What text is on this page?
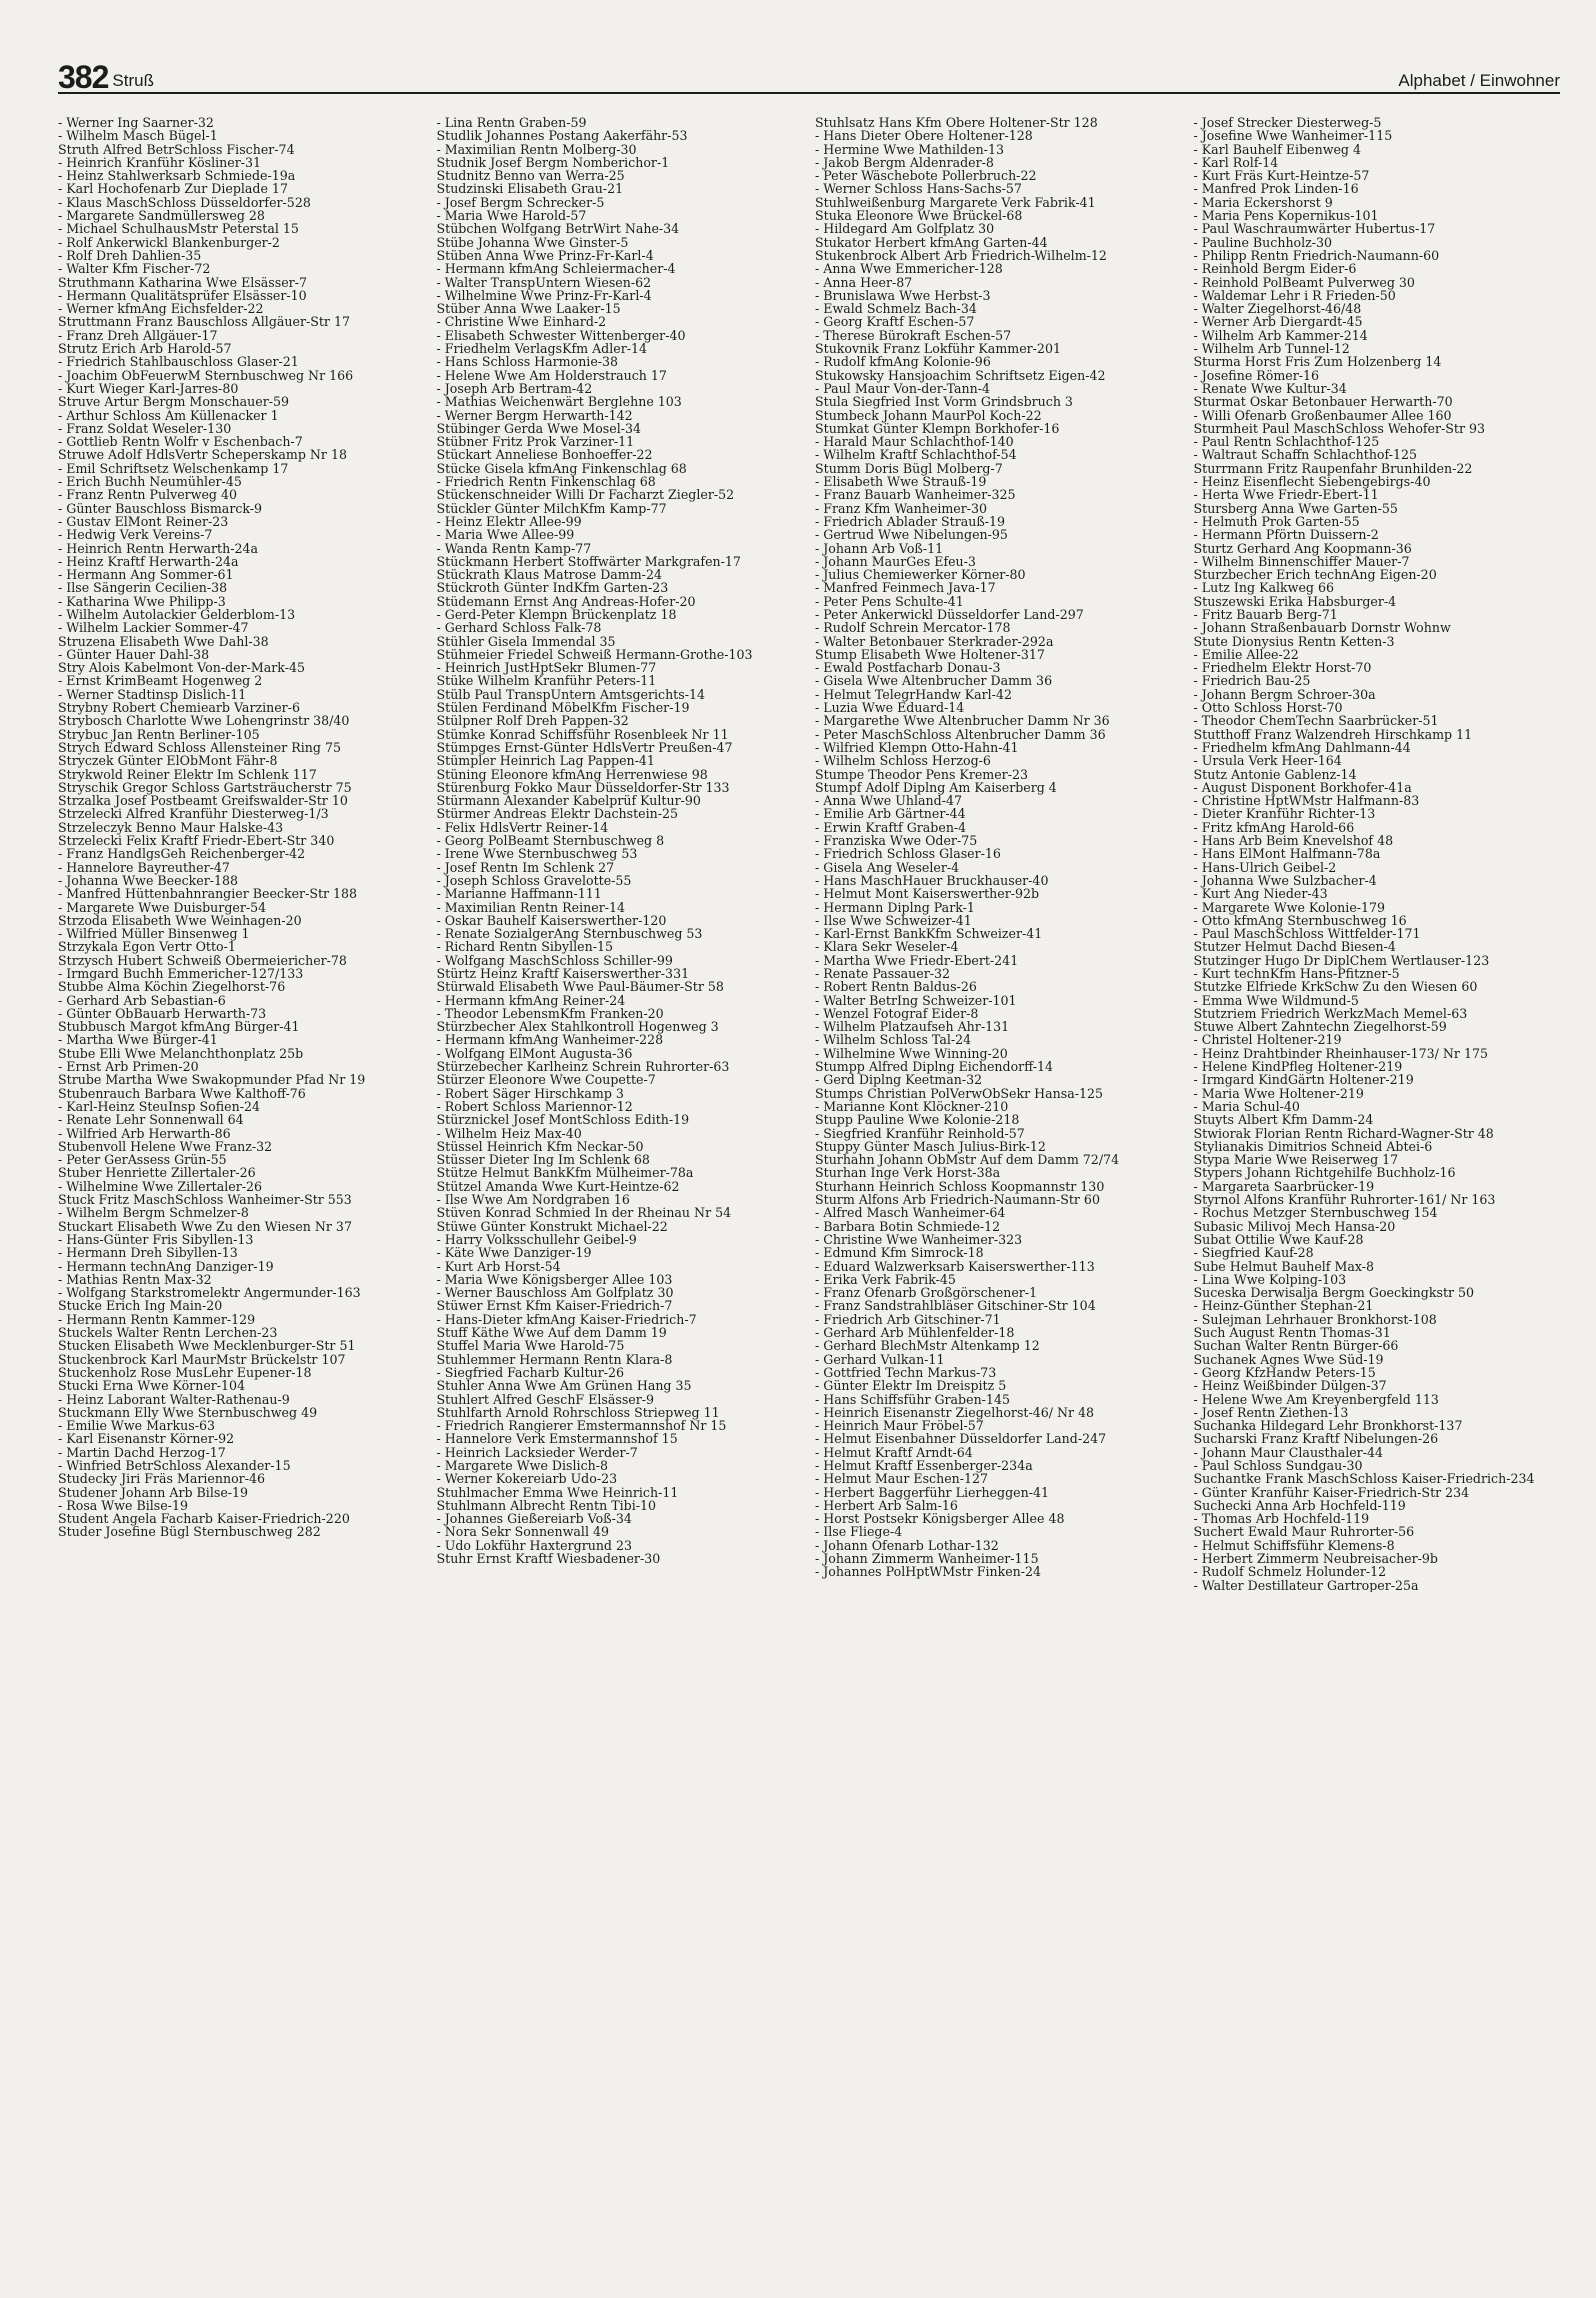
382 Struß	Alphabet / Einwohner
- Werner Ing Saarner-32
- Wilhelm Masch Bügel-1
Struth Alfred BetrSchloss Fischer-74
- Heinrich Kranführ Kösliner-31
- Heinz Stahlwerksarb Schmiede-19a
- Karl Hochofenarb Zur Dieplade 17
- Klaus MaschSchloss Düsseldorfer-528
- Margarete Sandmüllersweg 28
- Michael SchulhausMstr Peterstal 15
- Rolf Ankerwickl Blankenburger-2
- Rolf Dreh Dahlien-35
- Walter Kfm Fischer-72
Struthmann Katharina Wwe Elsässer-7
- Hermann Qualitätsprüfer Elsässer-10
- Werner kfmAng Eichsfelder-22
Struttmann Franz Bauschloss Allgäuer-Str 17
- Franz Dreh Allgäuer-17
Strutz Erich Arb Harold-57
- Friedrich Stahlbauschloss Glaser-21
- Joachim ObFeuerwM Sternbuschweg Nr 166
- Kurt Wieger Karl-Jarres-80
Struve Artur Bergm Monschauer-59
- Arthur Schloss Am Küllenacker 1
- Franz Soldat Weseler-130
- Gottlieb Rentn Wolfr v Eschenbach-7
Struwe Adolf HdlsVertr Scheperskamp Nr 18
- Emil Schriftsetz Welschenkamp 17
- Erich Buchh Neumühler-45
- Franz Rentn Pulverweg 40
- Günter Bauschloss Bismarck-9
- Gustav ElMont Reiner-23
- Hedwig Verk Vereins-7
- Heinrich Rentn Herwarth-24a
- Heinz Kraftf Herwarth-24a
- Hermann Ang Sommer-61
- Ilse Sängerin Cecilien-38
- Katharina Wwe Philipp-3
- Wilhelm Autolackier Gelderblom-13
- Wilhelm Lackier Sommer-47
Struzena Elisabeth Wwe Dahl-38
- Günter Hauer Dahl-38
Stry Alois Kabelmont Von-der-Mark-45
- Ernst KrimBeamt Hogenweg 2
- Werner Stadtinsp Dislich-11
Strybny Robert Chemiearb Varziner-6
Strybosch Charlotte Wwe Lohengrinstr 38/40
Strybuc Jan Rentn Berliner-105
Strych Edward Schloss Allensteiner Ring 75
Stryczek Günter ElObMont Fähr-8
Strykwold Reiner Elektr Im Schlenk 117
Stryschik Gregor Schloss Gartsträucherstr 75
Strzalka Josef Postbeamt Greifswalder-Str 10
Strzelecki Alfred Kranführ Diesterweg-1/3
Strzeleczyk Benno Maur Halske-43
Strzelecki Felix Kraftf Friedr-Ebert-Str 340
- Franz HandlgsGeh Reichenberger-42
- Hannelore Bayreuther-47
- Johanna Wwe Beecker-188
- Manfred Hüttenbahnrangier Beecker-Str 188
- Margarete Wwe Duisburger-54
Strzoda Elisabeth Wwe Weinhagen-20
- Wilfried Müller Binsenweg 1
Strzykala Egon Vertr Otto-1
Strzysch Hubert Schweiß Obermeiericher-78
- Irmgard Buchh Emmericher-127/133
Stubbe Alma Köchin Ziegelhorst-76
- Gerhard Arb Sebastian-6
- Günter ObBauarb Herwarth-73
Stubbusch Margot kfmAng Bürger-41
- Martha Wwe Bürger-41
Stube Elli Wwe Melanchthonplatz 25b
- Ernst Arb Primen-20
Strube Martha Wwe Swakopmunder Pfad Nr 19
Stubenrauch Barbara Wwe Kalthoff-76
- Karl-Heinz SteuInsp Sofien-24
- Renate Lehr Sonnenwall 64
- Wilfried Arb Herwarth-86
Stubenvoll Helene Wwe Franz-32
- Peter GerAssess Grün-55
Stuber Henriette Zillertaler-26
- Wilhelmine Wwe Zillertaler-26
Stuck Fritz MaschSchloss Wanheimer-Str 553
- Wilhelm Bergm Schmelzer-8
Stuckart Elisabeth Wwe Zu den Wiesen Nr 37
- Hans-Günter Fris Sibyllen-13
- Hermann Dreh Sibyllen-13
- Hermann technAng Danziger-19
- Mathias Rentn Max-32
- Wolfgang Starkstromelektr Angermunder-163
Stucke Erich Ing Main-20
- Hermann Rentn Kammer-129
Stuckels Walter Rentn Lerchen-23
Stucken Elisabeth Wwe Mecklenburger-Str 51
Stuckenbrock Karl MaurMstr Brückelstr 107
Stuckenholz Rose MusLehr Eupener-18
Stucki Erna Wwe Körner-104
- Heinz Laborant Walter-Rathenau-9
Stuckmann Elly Wwe Sternbuschweg 49
- Emilie Wwe Markus-63
- Karl Eisenanstr Körner-92
- Martin Dachd Herzog-17
- Winfried BetrSchloss Alexander-15
Studecky Jiri Fräs Mariennor-46
Studener Johann Arb Bilse-19
- Rosa Wwe Bilse-19
Student Angela Facharb Kaiser-Friedrich-220
Studer Josefine Bügl Sternbuschweg 282
- Lina Rentn Graben-59
Studlik Johannes Postang Aakerfähr-53
- Maximilian Rentn Molberg-30
Studnik Josef Bergm Nomberichor-1
Studnitz Benno van Werra-25
Studzinski Elisabeth Grau-21
- Josef Bergm Schrecker-5
- Maria Wwe Harold-57
Stübchen Wolfgang BetrWirt Nahe-34
Stübe Johanna Wwe Ginster-5
Stüben Anna Wwe Prinz-Fr-Karl-4
- Hermann kfmAng Schleiermacher-4
- Walter TranspUntern Wiesen-62
- Wilhelmine Wwe Prinz-Fr-Karl-4
Stüber Anna Wwe Laaker-15
- Christine Wwe Einhard-2
- Elisabeth Schwester Wittenberger-40
- Friedhelm VerlagsKfm Adler-14
- Hans Schloss Harmonie-38
- Helene Wwe Am Holderstrauch 17
- Joseph Arb Bertram-42
- Mathias Weichenwärt Berglehne 103
- Werner Bergm Herwarth-142
Stübinger Gerda Wwe Mosel-34
Stübner Fritz Prok Varziner-11
Stückart Anneliese Bonhoeffer-22
Stücke Gisela kfmAng Finkenschlag 68
- Friedrich Rentn Finkenschlag 68
Stückenschneider Willi Dr Facharzt Ziegler-52
Stückler Günter MilchKfm Kamp-77
- Heinz Elektr Allee-99
- Maria Wwe Allee-99
- Wanda Rentn Kamp-77
Stückmann Herbert Stoffwärter Markgrafen-17
Stückrath Klaus Matrose Damm-24
Stückroth Günter IndKfm Garten-23
Stüdemann Ernst Ang Andreas-Hofer-20
- Gerd-Peter Klempn Brückenplatz 18
- Gerhard Schloss Falk-78
Stühler Gisela Immendal 35
Stühmeier Friedel Schweiß Hermann-Grothe-103
- Heinrich JustHptSekr Blumen-77
Stüke Wilhelm Kranführ Peters-11
Stülb Paul TranspUntern Amtsgerichts-14
Stülen Ferdinand MöbelKfm Fischer-19
Stülpner Rolf Dreh Pappen-32
Stümke Konrad Schiffsführ Rosenbleek Nr 11
Stümpges Ernst-Günter HdlsVertr Preußen-47
Stümpler Heinrich Lag Pappen-41
Stüning Eleonore kfmAng Herrenwiese 98
Stürenburg Fokko Maur Düsseldorfer-Str 133
Stürmann Alexander Kabelprüf Kultur-90
Stürmer Andreas Elektr Dachstein-25
- Felix HdlsVertr Reiner-14
- Georg PolBeamt Sternbuschweg 8
- Irene Wwe Sternbuschweg 53
- Josef Rentn Im Schlenk 27
- Joseph Schloss Gravelotte-55
- Marianne Haffmann-111
- Maximilian Rentn Reiner-14
- Oskar Bauhelf Kaiserswerther-120
- Renate SozialgerAng Sternbuschweg 53
- Richard Rentn Sibyllen-15
- Wolfgang MaschSchloss Schiller-99
Stürtz Heinz Kraftf Kaiserswerther-331
Stürwald Elisabeth Wwe Paul-Bäumer-Str 58
- Hermann kfmAng Reiner-24
- Theodor LebensmKfm Franken-20
Stürzbecher Alex Stahlkontroll Hogenweg 3
- Hermann kfmAng Wanheimer-228
- Wolfgang ElMont Augusta-36
Stürzebecher Karlheinz Schrein Ruhrorter-63
Stürzer Eleonore Wwe Coupette-7
- Robert Säger Hirschkamp 3
- Robert Schloss Mariennor-12
Stürznickel Josef MontSchloss Edith-19
- Wilhelm Heiz Max-40
Stüssel Heinrich Kfm Neckar-50
Stüsser Dieter Ing Im Schlenk 68
Stütze Helmut BankKfm Mülheimer-78a
Stützel Amanda Wwe Kurt-Heintze-62
- Ilse Wwe Am Nordgraben 16
Stüven Konrad Schmied In der Rheinau Nr 54
Stüwe Günter Konstrukt Michael-22
- Harry Volksschullehr Geibel-9
- Käte Wwe Danziger-19
- Kurt Arb Horst-54
- Maria Wwe Königsberger Allee 103
- Werner Bauschloss Am Golfplatz 30
Stüwer Ernst Kfm Kaiser-Friedrich-7
- Hans-Dieter kfmAng Kaiser-Friedrich-7
Stuff Käthe Wwe Auf dem Damm 19
Stuffel Maria Wwe Harold-75
Stuhlemmer Hermann Rentn Klara-8
- Siegfried Facharb Kultur-26
Stuhler Anna Wwe Am Grünen Hang 35
Stuhlert Alfred GeschF Elsässer-9
Stuhlfarth Arnold Rohrschloss Striepweg 11
- Friedrich Rangierer Emstermannshof Nr 15
- Hannelore Verk Emstermannshof 15
- Heinrich Lacksieder Werder-7
- Margarete Wwe Dislich-8
- Werner Kokereiarb Udo-23
Stuhlmacher Emma Wwe Heinrich-11
Stuhlmann Albrecht Rentn Tibi-10
- Johannes Gießereiarb Voß-34
- Nora Sekr Sonnenwall 49
- Udo Lokführ Haxtergrund 23
Stuhr Ernst Kraftf Wiesbadener-30
Stuhlsatz Hans Kfm Obere Holtener-Str 128
- Hans Dieter Obere Holtener-128
- Hermine Wwe Mathilden-13
- Jakob Bergm Aldenrader-8
- Peter Wäschebote Pollerbruch-22
- Werner Schloss Hans-Sachs-57
Stuhlweißenburg Margarete Verk Fabrik-41
Stuka Eleonore Wwe Brückel-68
- Hildegard Am Golfplatz 30
Stukator Herbert kfmAng Garten-44
Stukenbrock Albert Arb Friedrich-Wilhelm-12
- Anna Wwe Emmericher-128
- Anna Heer-87
- Brunislawa Wwe Herbst-3
- Ewald Schmelz Bach-34
- Georg Kraftf Eschen-57
- Therese Bürokraft Eschen-57
Stukovnik Franz Lokführ Kammer-201
- Rudolf kfmAng Kolonie-96
Stukowsky Hansjoachim Schriftsetz Eigen-42
- Paul Maur Von-der-Tann-4
Stula Siegfried Inst Vorm Grindsbruch 3
Stumbeck Johann MaurPol Koch-22
Stumkat Günter Klempn Borkhofer-16
- Harald Maur Schlachthof-140
- Wilhelm Kraftf Schlachthof-54
Stumm Doris Bügl Molberg-7
- Elisabeth Wwe Strauß-19
- Franz Bauarb Wanheimer-325
- Franz Kfm Wanheimer-30
- Friedrich Ablader Strauß-19
- Gertrud Wwe Nibelungen-95
- Johann Arb Voß-11
- Johann MaurGes Efeu-3
- Julius Chemiewerker Körner-80
- Manfred Feinmech Java-17
- Peter Pens Schulte-41
- Peter Ankerwickl Düsseldorfer Land-297
- Rudolf Schrein Mercator-178
- Walter Betonbauer Sterkrader-292a
Stump Elisabeth Wwe Holtener-317
- Ewald Postfacharb Donau-3
- Gisela Wwe Altenbrucher Damm 36
- Helmut TelegrHandw Karl-42
- Luzia Wwe Eduard-14
- Margarethe Wwe Altenbrucher Damm Nr 36
- Peter MaschSchloss Altenbrucher Damm 36
- Wilfried Klempn Otto-Hahn-41
- Wilhelm Schloss Herzog-6
Stumpe Theodor Pens Kremer-23
Stumpf Adolf Diplng Am Kaiserberg 4
- Anna Wwe Uhland-47
- Emilie Arb Gärtner-44
- Erwin Kraftf Graben-4
- Franziska Wwe Oder-75
- Friedrich Schloss Glaser-16
- Gisela Ang Weseler-4
- Hans MaschHauer Bruckhauser-40
- Helmut Mont Kaiserswerther-92b
- Hermann Diplng Park-1
- Ilse Wwe Schweizer-41
- Karl-Ernst BankKfm Schweizer-41
- Klara Sekr Weseler-4
- Martha Wwe Friedr-Ebert-241
- Renate Passauer-32
- Robert Rentn Baldus-26
- Walter BetrIng Schweizer-101
- Wenzel Fotograf Eider-8
- Wilhelm Platzaufseh Ahr-131
- Wilhelm Schloss Tal-24
- Wilhelmine Wwe Winning-20
Stumpp Alfred Diplng Eichendorff-14
- Gerd Diplng Keetman-32
Stumps Christian PolVerwObSekr Hansa-125
- Marianne Kont Klöckner-210
Stupp Pauline Wwe Kolonie-218
- Siegfried Kranführ Reinhold-57
Stuppy Günter Masch Julius-Birk-12
Sturhahn Johann ObMstr Auf dem Damm 72/74
Sturhan Inge Verk Horst-38a
Sturhann Heinrich Schloss Koopmannstr 130
Sturm Alfons Arb Friedrich-Naumann-Str 60
- Alfred Masch Wanheimer-64
- Barbara Botin Schmiede-12
- Christine Wwe Wanheimer-323
- Edmund Kfm Simrock-18
- Eduard Walzwerksarb Kaiserswerther-113
- Erika Verk Fabrik-45
- Franz Ofenarb Großgörschener-1
- Franz Sandstrahlbläser Gitschiner-Str 104
- Friedrich Arb Gitschiner-71
- Gerhard Arb Mühlenfelder-18
- Gerhard BlechMstr Altenkamp 12
- Gerhard Vulkan-11
- Gottfried Techn Markus-73
- Günter Elektr Im Dreispitz 5
- Hans Schiffsführ Graben-145
- Heinrich Eisenanstr Ziegelhorst-46/ Nr 48
- Heinrich Maur Fröbel-57
- Helmut Eisenbahner Düsseldorfer Land-247
- Helmut Kraftf Arndt-64
- Helmut Kraftf Essenberger-234a
- Helmut Maur Eschen-127
- Herbert Baggerführ Lierheggen-41
- Herbert Arb Salm-16
- Horst Postsekr Königsberger Allee 48
- Ilse Fliege-4
- Johann Ofenarb Lothar-132
- Johann Zimmerm Wanheimer-115
- Johannes PolHptWMstr Finken-24
- Josef Strecker Diesterweg-5
- Josefine Wwe Wanheimer-115
- Karl Bauhelf Eibenweg 4
- Karl Rolf-14
- Kurt Fräs Kurt-Heintze-57
- Manfred Prok Linden-16
- Maria Eckershorst 9
- Maria Pens Kopernikus-101
- Paul Waschraumwärter Hubertus-17
- Pauline Buchholz-30
- Philipp Rentn Friedrich-Naumann-60
- Reinhold Bergm Eider-6
- Reinhold PolBeamt Pulverweg 30
- Waldemar Lehr i R Frieden-50
- Walter Ziegelhorst-46/48
- Werner Arb Diergardt-45
- Wilhelm Arb Kammer-214
- Wilhelm Arb Tunnel-12
Sturma Horst Fris Zum Holzenberg 14
- Josefine Römer-16
- Renate Wwe Kultur-34
Sturmat Oskar Betonbauer Herwarth-70
- Willi Ofenarb Großenbaumer Allee 160
Sturmheit Paul MaschSchloss Wehofer-Str 93
- Paul Rentn Schlachthof-125
- Waltraut Schaffn Schlachthof-125
Sturrmann Fritz Raupenfahr Brunhilden-22
- Heinz Eisenflecht Siebengebirgs-40
- Herta Wwe Friedr-Ebert-11
Stursberg Anna Wwe Garten-55
- Helmuth Prok Garten-55
- Hermann Pförtn Duissern-2
Sturtz Gerhard Ang Koopmann-36
- Wilhelm Binnenschiffer Mauer-7
Sturzbecher Erich technAng Eigen-20
- Lutz Ing Kalkweg 66
Stuszewski Erika Habsburger-4
- Fritz Bauarb Berg-71
- Johann Straßenbauarb Dornstr Wohnw
Stute Dionysius Rentn Ketten-3
- Emilie Allee-22
- Friedhelm Elektr Horst-70
- Friedrich Bau-25
- Johann Bergm Schroer-30a
- Otto Schloss Horst-70
- Theodor ChemTechn Saarbrücker-51
Stutthoff Franz Walzendreh Hirschkamp 11
- Friedhelm kfmAng Dahlmann-44
- Ursula Verk Heer-164
Stutz Antonie Gablenz-14
- August Disponent Borkhofer-41a
- Christine HptWMstr Halfmann-83
- Dieter Kranführ Richter-13
- Fritz kfmAng Harold-66
- Hans Arb Beim Knevelshof 48
- Hans ElMont Halfmann-78a
- Hans-Ulrich Geibel-2
- Johanna Wwe Sulzbacher-4
- Kurt Ang Nieder-43
- Margarete Wwe Kolonie-179
- Otto kfmAng Sternbuschweg 16
- Paul MaschSchloss Wittfelder-171
Stutzer Helmut Dachd Biesen-4
Stutzinger Hugo Dr DiplChem Wertlauser-123
- Kurt technKfm Hans-Pfitzner-5
Stutzke Elfriede KrkSchw Zu den Wiesen 60
- Emma Wwe Wildmund-5
Stutzriem Friedrich WerkzMach Memel-63
Stuwe Albert Zahntechn Ziegelhorst-59
- Christel Holtener-219
- Heinz Drahtbinder Rheinhauser-173/ Nr 175
- Helene KindPfleg Holtener-219
- Irmgard KindGärtn Holtener-219
- Maria Wwe Holtener-219
- Maria Schul-40
Stuyts Albert Kfm Damm-24
Stwiorak Florian Rentn Richard-Wagner-Str 48
Stylianakis Dimitrios Schneid Abtei-6
Stypa Marie Wwe Reiserweg 17
Stypers Johann Richtgehilfe Buchholz-16
- Margareta Saarbrücker-19
Styrnol Alfons Kranführ Ruhrorter-161/ Nr 163
- Rochus Metzger Sternbuschweg 154
Subasic Milivoj Mech Hansa-20
Subat Ottilie Wwe Kauf-28
- Siegfried Kauf-28
Sube Helmut Bauhelf Max-8
- Lina Wwe Kolping-103
Suceska Derwisalja Bergm Goeckingkstr 50
- Heinz-Günther Stephan-21
- Sulejman Lehrhauer Bronkhorst-108
Such August Rentn Thomas-31
Suchan Walter Rentn Bürger-66
Suchanek Agnes Wwe Süd-19
- Georg KfzHandw Peters-15
- Heinz Weißbinder Dülgen-37
- Helene Wwe Am Kreyenbergfeld 113
- Josef Rentn Ziethen-13
Suchanka Hildegard Lehr Bronkhorst-137
Sucharski Franz Kraftf Nibelungen-26
- Johann Maur Clausthaler-44
- Paul Schloss Sundgau-30
Suchantke Frank MaschSchloss Kaiser-Friedrich-234
- Günter Kranführ Kaiser-Friedrich-Str 234
Suchecki Anna Arb Hochfeld-119
- Thomas Arb Hochfeld-119
Suchert Ewald Maur Ruhrorter-56
- Helmut Schiffsführ Klemens-8
- Herbert Zimmerm Neubreisacher-9b
- Rudolf Schmelz Holunder-12
- Walter Destillateur Gartroper-25a
